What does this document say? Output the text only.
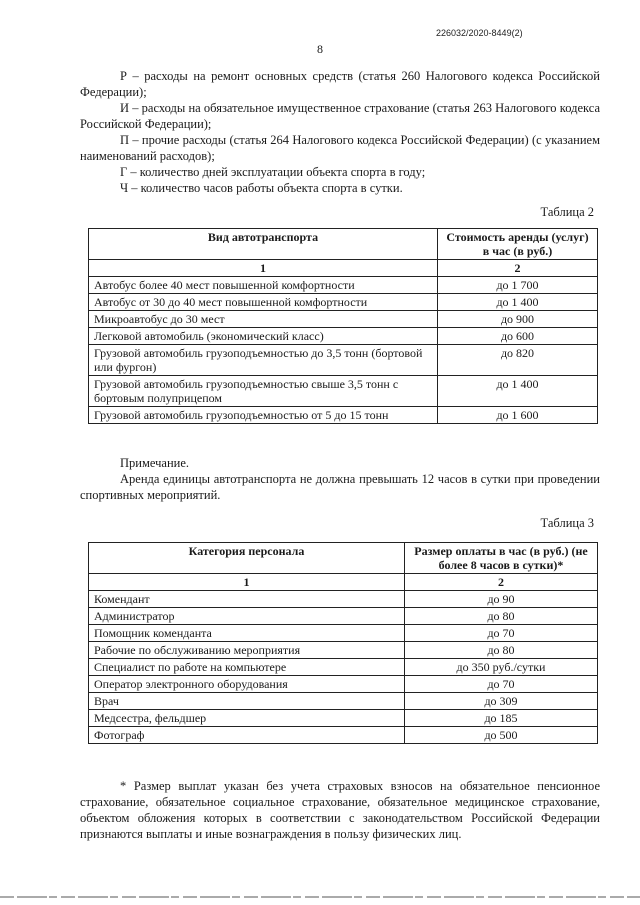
226032/2020-8449(2)
8

Р – расходы на ремонт основных средств (статья 260 Налогового кодекса Российской Федерации);

И – расходы на обязательное имущественное страхование (статья 263 Налогового кодекса Российской Федерации);

П – прочие расходы (статья 264 Налогового кодекса Российской Федерации) (с указанием наименований расходов);

Г – количество дней эксплуатации объекта спорта в году;

Ч – количество часов работы объекта спорта в сутки.

Таблица 2
Вид автотранспорта	Стоимость аренды (услуг) в час (в руб.)
1	2
Автобус более 40 мест повышенной комфортности	до 1 700
Автобус от 30 до 40 мест повышенной комфортности	до 1 400
Микроавтобус до 30 мест	до 900
Легковой автомобиль (экономический класс)	до 600
Грузовой автомобиль грузоподъемностью до 3,5 тонн (бортовой или фургон)	до 820
Грузовой автомобиль грузоподъемностью свыше 3,5 тонн с бортовым полуприцепом	до 1 400
Грузовой автомобиль грузоподъемностью от 5 до 15 тонн	до 1 600

Примечание.

Аренда единицы автотранспорта не должна превышать 12 часов в сутки при проведении спортивных мероприятий.

Таблица 3
Категория персонала	Размер оплаты в час (в руб.) (не более 8 часов в сутки)*
1	2
Комендант	до 90
Администратор	до 80
Помощник коменданта	до 70
Рабочие по обслуживанию мероприятия	до 80
Специалист по работе на компьютере	до 350 руб./сутки
Оператор электронного оборудования	до 70
Врач	до 309
Медсестра, фельдшер	до 185
Фотограф	до 500

* Размер выплат указан без учета страховых взносов на обязательное пенсионное страхование, обязательное социальное страхование, обязательное медицинское страхование, объектом обложения которых в соответствии с законодательством Российской Федерации признаются выплаты и иные вознаграждения в пользу физических лиц.
